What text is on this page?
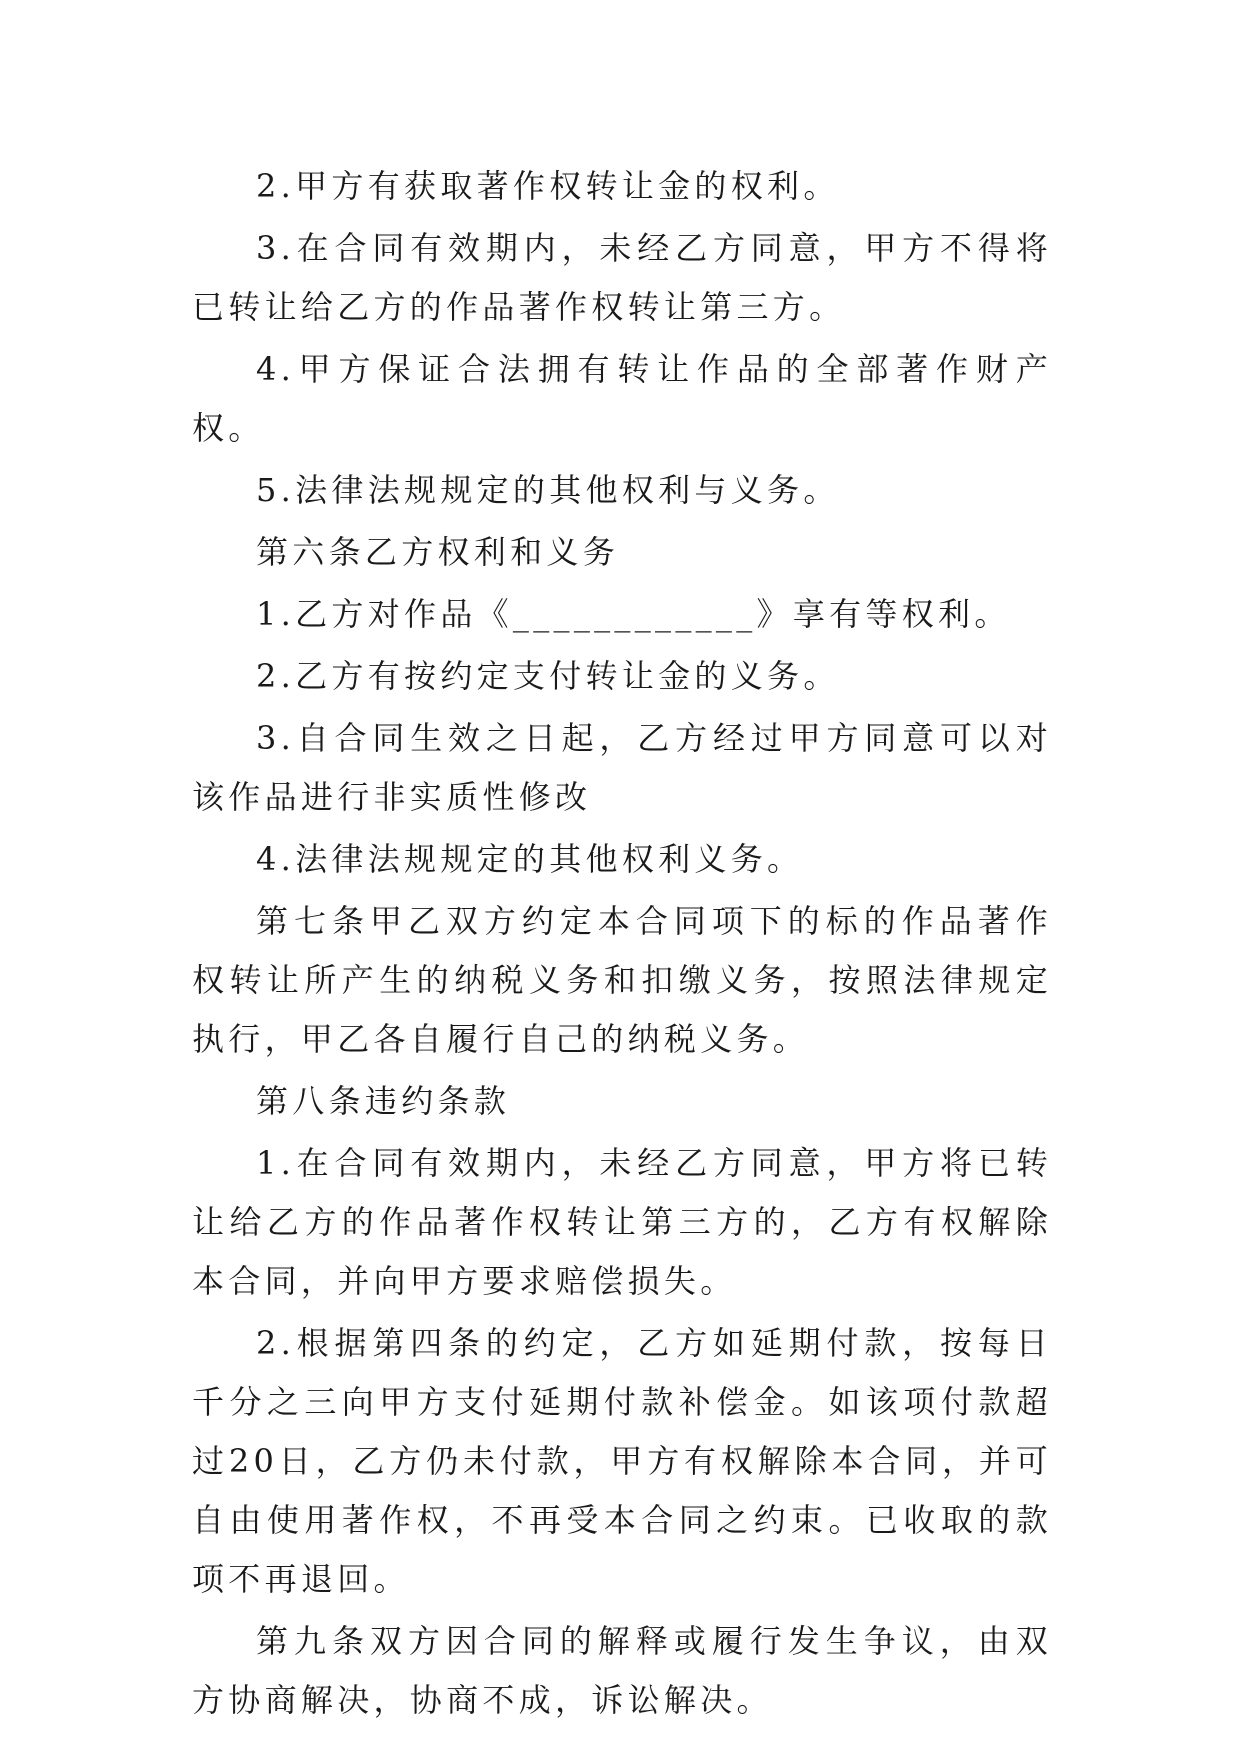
2.甲方有获取著作权转让金的权利。

3.在合同有效期内，未经乙方同意，甲方不得将已转让给乙方的作品著作权转让第三方。

4.甲方保证合法拥有转让作品的全部著作财产权。

5.法律法规规定的其他权利与义务。

第六条乙方权利和义务

1.乙方对作品《____________》享有等权利。

2.乙方有按约定支付转让金的义务。

3.自合同生效之日起，乙方经过甲方同意可以对该作品进行非实质性修改

4.法律法规规定的其他权利义务。

第七条甲乙双方约定本合同项下的标的作品著作权转让所产生的纳税义务和扣缴义务，按照法律规定执行，甲乙各自履行自己的纳税义务。

第八条违约条款

1.在合同有效期内，未经乙方同意，甲方将已转让给乙方的作品著作权转让第三方的，乙方有权解除本合同，并向甲方要求赔偿损失。

2.根据第四条的约定，乙方如延期付款，按每日千分之三向甲方支付延期付款补偿金。如该项付款超过20日，乙方仍未付款，甲方有权解除本合同，并可自由使用著作权，不再受本合同之约束。已收取的款项不再退回。

第九条双方因合同的解释或履行发生争议，由双方协商解决，协商不成，诉讼解决。
